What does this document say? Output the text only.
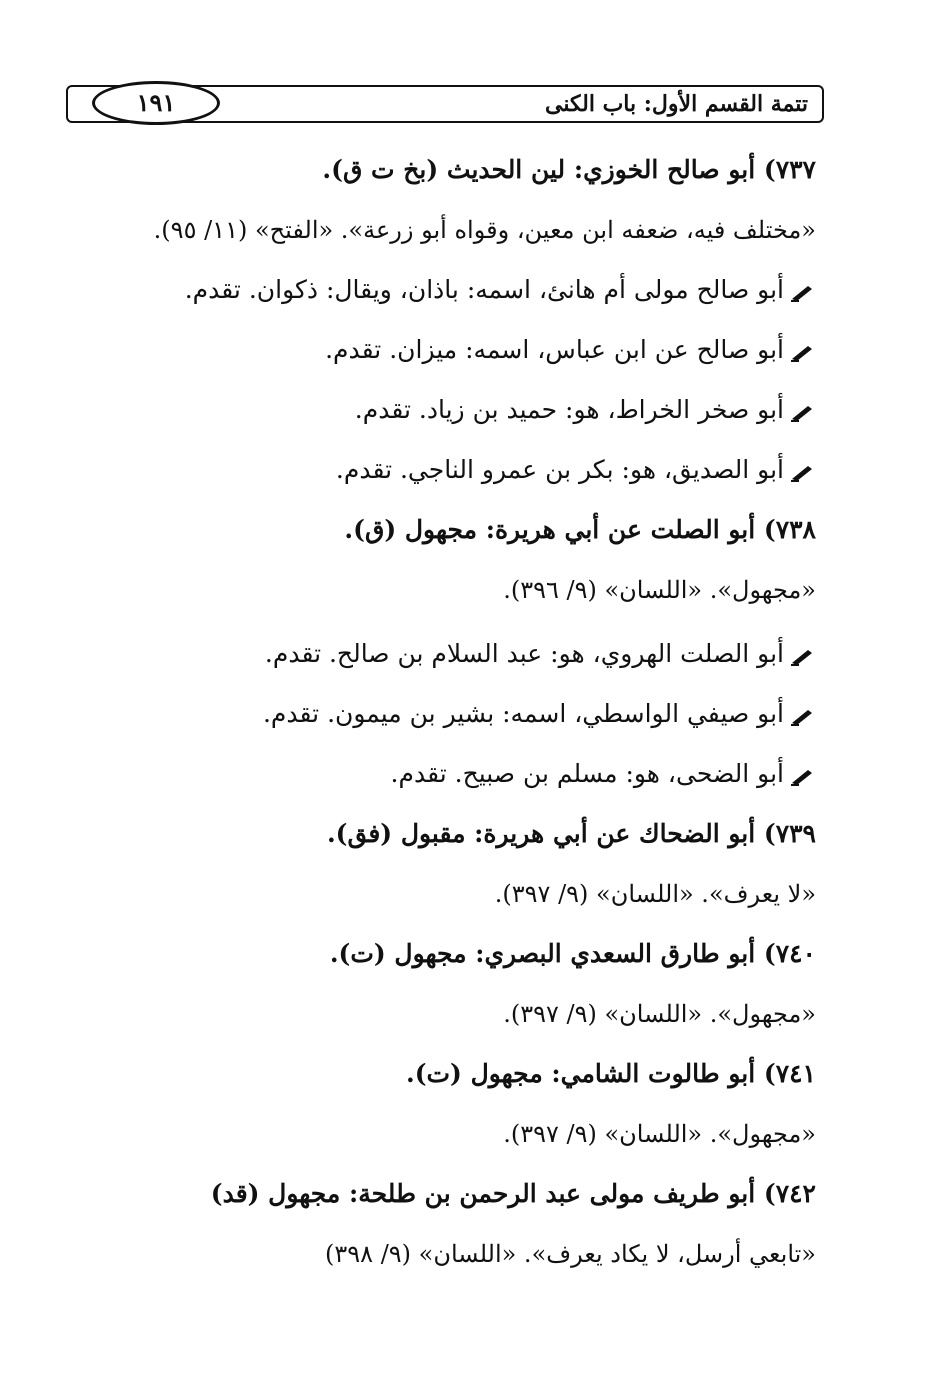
١٩١	تتمة القسم الأول: باب الكنى
٧٣٧) أبو صالح الخوزي: لين الحديث (بخ ت ق).
«مختلف فيه، ضعفه ابن معين، وقواه أبو زرعة». «الفتح» (١١/ ٩٥).
أبو صالح مولى أم هانئ، اسمه: باذان، ويقال: ذكوان. تقدم.
أبو صالح عن ابن عباس، اسمه: ميزان. تقدم.
أبو صخر الخراط، هو: حميد بن زياد. تقدم.
أبو الصديق، هو: بكر بن عمرو الناجي. تقدم.
٧٣٨) أبو الصلت عن أبي هريرة: مجهول (ق).
«مجهول». «اللسان» (٩/ ٣٩٦).
أبو الصلت الهروي، هو: عبد السلام بن صالح. تقدم.
أبو صيفي الواسطي، اسمه: بشير بن ميمون. تقدم.
أبو الضحى، هو: مسلم بن صبيح. تقدم.
٧٣٩) أبو الضحاك عن أبي هريرة: مقبول (فق).
«لا يعرف». «اللسان» (٩/ ٣٩٧).
٧٤٠) أبو طارق السعدي البصري: مجهول (ت).
«مجهول». «اللسان» (٩/ ٣٩٧).
٧٤١) أبو طالوت الشامي: مجهول (ت).
«مجهول». «اللسان» (٩/ ٣٩٧).
٧٤٢) أبو طريف مولى عبد الرحمن بن طلحة: مجهول (قد)
«تابعي أرسل، لا يكاد يعرف». «اللسان» (٩/ ٣٩٨)
